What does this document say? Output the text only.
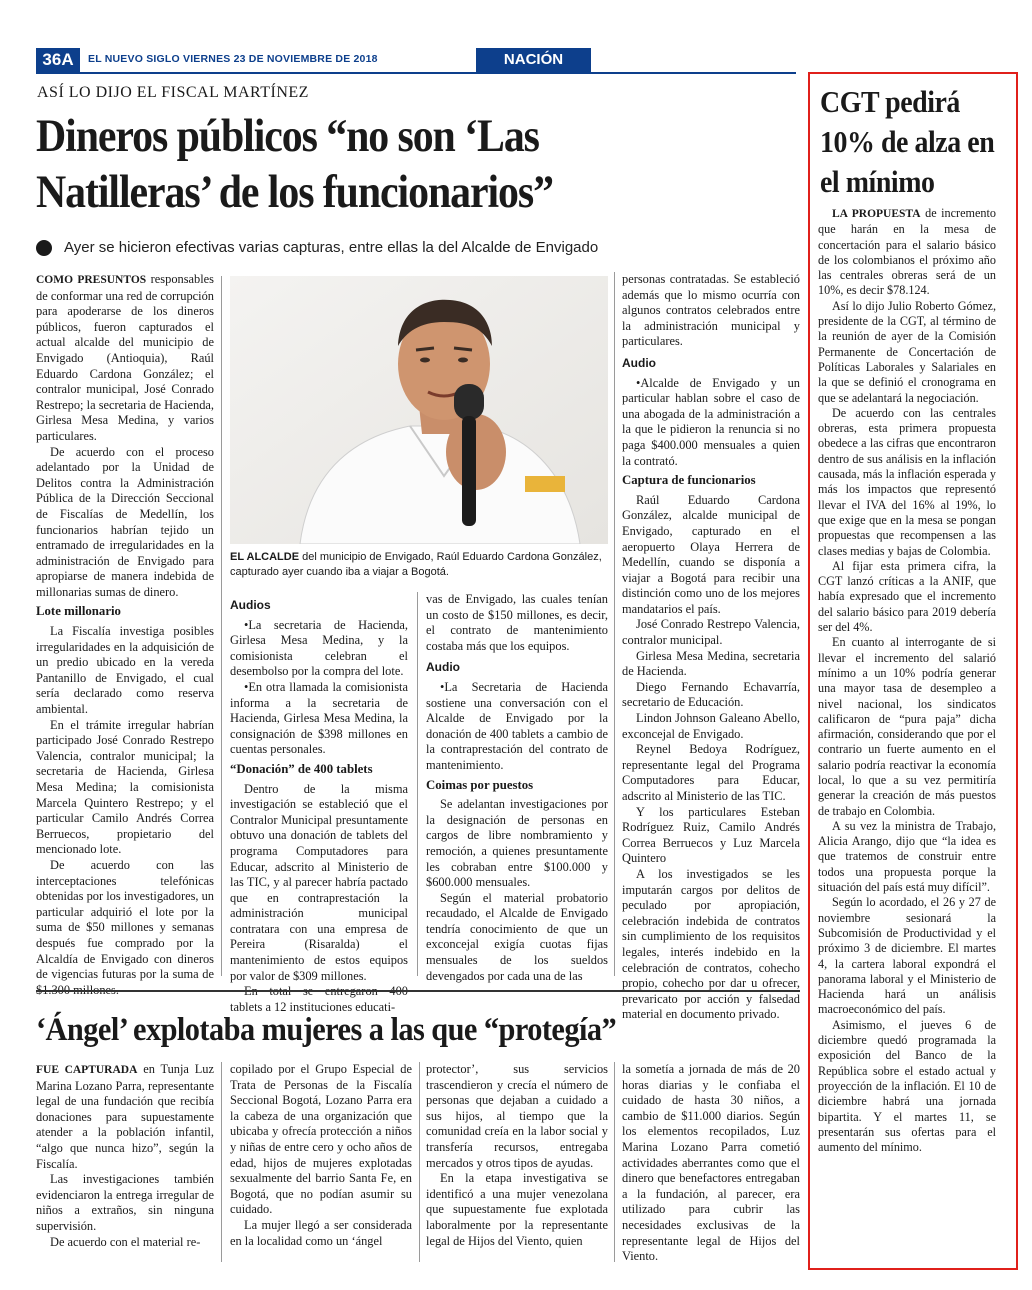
36A	EL NUEVO SIGLO VIERNES 23 DE NOVIEMBRE DE 2018	NACIÓN
ASÍ LO DIJO EL FISCAL MARTÍNEZ
Dineros públicos “no son ‘Las Natilleras’ de los funcionarios”
Ayer se hicieron efectivas varias capturas, entre ellas la del Alcalde de Envigado

COMO PRESUNTOS responsables de conformar una red de corrupción para apoderarse de los dineros públicos, fueron capturados el actual alcalde del municipio de Envigado (Antioquia), Raúl Eduardo Cardona González; el contralor municipal, José Conrado Restrepo; la secretaria de Hacienda, Girlesa Mesa Medina, y varios particulares.

De acuerdo con el proceso adelantado por la Unidad de Delitos contra la Administración Pública de la Dirección Seccional de Fiscalías de Medellín, los funcionarios habrían tejido un entramado de irregularidades en la administración de Envigado para apropiarse de manera indebida de millonarias sumas de dinero.

Lote millonario

La Fiscalía investiga posibles irregularidades en la adquisición de un predio ubicado en la vereda Pantanillo de Envigado, el cual sería declarado como reserva ambiental.

En el trámite irregular habrían participado José Conrado Restrepo Valencia, contralor municipal; la secretaria de Hacienda, Girlesa Mesa Medina; la comisionista Marcela Quintero Restrepo; y el particular Camilo Andrés Correa Berruecos, propietario del mencionado lote.

De acuerdo con las interceptaciones telefónicas obtenidas por los investigadores, un particular adquirió el lote por la suma de $50 millones y semanas después fue comprado por la Alcaldía de Envigado con dineros de vigencias futuras por la suma de

EL ALCALDE del municipio de Envigado, Raúl Eduardo Cardona González, capturado ayer cuando iba a viajar a Bogotá.
Audios

•La secretaria de Hacienda, Girlesa Mesa Medina, y la comisionista celebran el desembolso por la compra del lote.

•En otra llamada la comisionista informa a la secretaria de Hacienda, Girlesa Mesa Medina, la consignación de $398 millones en cuentas personales.

“Donación” de 400 tablets

Dentro de la misma investigación se estableció que el Contralor Municipal presuntamente obtuvo una donación de tablets del programa Computadores para Educar, adscrito al Ministerio de las TIC, y al parecer habría pactado que en contraprestación la administración municipal contratara con una empresa de Pereira (Risaralda) el mantenimiento de estos equipos por valor de $309 millones.

tablets a 12 instituciones educati-

vas de Envigado, las cuales tenían un costo de $150 millones, es decir, el contrato de mantenimiento costaba más que los equipos.

Audio

•La Secretaria de Hacienda sostiene una conversación con el Alcalde de Envigado por la donación de 400 tablets a cambio de la contraprestación del contrato de mantenimiento.

Coimas por puestos

Se adelantan investigaciones por la designación de personas en cargos de libre nombramiento y remoción, a quienes presuntamente les cobraban entre $100.000 y $600.000 mensuales.

Según el material probatorio recaudado, el Alcalde de Envigado tendría conocimiento de que un exconcejal exigía cuotas fijas mensuales de los sueldos devengados por cada una de las

personas contratadas. Se estableció además que lo mismo ocurría con algunos contratos celebrados entre la administración municipal y particulares.

Audio

•Alcalde de Envigado y un particular hablan sobre el caso de una abogada de la administración a la que le pidieron la renuncia si no paga $400.000 mensuales a quien la contrató.

Captura de funcionarios

Raúl Eduardo Cardona González, alcalde municipal de Envigado, capturado en el aeropuerto Olaya Herrera de Medellín, cuando se disponía a viajar a Bogotá para recibir una distinción como uno de los mejores mandatarios el país.

José Conrado Restrepo Valencia, contralor municipal.

Girlesa Mesa Medina, secretaria de Hacienda.

Diego Fernando Echavarría, secretario de Educación.

Lindon Johnson Galeano Abello, exconcejal de Envigado.

Reynel Bedoya Rodríguez, representante legal del Programa Computadores para Educar, adscrito al Ministerio de las TIC.

Y los particulares Esteban Rodríguez Ruiz, Camilo Andrés Correa Berruecos y Luz Marcela Quintero

A los investigados se les imputarán cargos por delitos de peculado por apropiación, celebración indebida de contratos sin cumplimiento de los requisitos legales, interés indebido en la celebración de contratos, cohecho propio, cohecho por dar u ofrecer, prevaricato por acción y falsedad material en documento privado.

‘Ángel’ explotaba mujeres a las que “protegía”

FUE CAPTURADA en Tunja Luz Marina Lozano Parra, representante legal de una fundación que recibía donaciones para supuestamente atender a la población infantil, “algo que nunca hizo”, según la Fiscalía.

Las investigaciones también evidenciaron la entrega irregular de niños a extraños, sin ninguna supervisión.

De acuerdo con el material re-

copilado por el Grupo Especial de Trata de Personas de la Fiscalía Seccional Bogotá, Lozano Parra era la cabeza de una organización que ubicaba y ofrecía protección a niños y niñas de entre cero y ocho años de edad, hijos de mujeres explotadas sexualmente del barrio Santa Fe, en Bogotá, que no podían asumir su cuidado.

La mujer llegó a ser considerada en la localidad como un ‘ángel

protector’, sus servicios trascendieron y crecía el número de personas que dejaban a cuidado a sus hijos, al tiempo que la comunidad creía en la labor social y transfería recursos, entregaba mercados y otros tipos de ayudas.

En la etapa investigativa se identificó a una mujer venezolana que supuestamente fue explotada laboralmente por la representante legal de Hijos del Viento, quien

la sometía a jornada de más de 20 horas diarias y le confiaba el cuidado de hasta 30 niños, a cambio de $11.000 diarios. Según los elementos recopilados, Luz Marina Lozano Parra cometió actividades aberrantes como que el dinero que benefactores entregaban a la fundación, al parecer, era utilizado para cubrir las necesidades exclusivas de la representante legal de Hijos del Viento.

CGT pedirá 10% de alza en el mínimo

LA PROPUESTA de incremento que harán en la mesa de concertación para el salario básico de los colombianos el próximo año las centrales obreras será de un 10%, es decir $78.124.

Así lo dijo Julio Roberto Gómez, presidente de la CGT, al término de la reunión de ayer de la Comisión Permanente de Concertación de Políticas Laborales y Salariales en la que se definió el cronograma en que se adelantará la negociación.

De acuerdo con las centrales obreras, esta primera propuesta obedece a las cifras que encontraron dentro de sus análisis en la inflación causada, más la inflación esperada y más los impactos que representó llevar el IVA del 16% al 19%, lo que exige que en la mesa se pongan propuestas que recompensen a las clases medias y bajas de Colombia.

Al fijar esta primera cifra, la CGT lanzó críticas a la ANIF, que había expresado que el incremento del salario básico para 2019 debería ser del 4%.

En cuanto al interrogante de si llevar el incremento del salarió mínimo a un 10% podría generar una mayor tasa de desempleo a nivel nacional, los sindicatos calificaron de “pura paja” dicha afirmación, considerando que por el contrario un fuerte aumento en el salario podría reactivar la economía local, lo que a su vez permitiría generar la creación de más puestos de trabajo en Colombia.

A su vez la ministra de Trabajo, Alicia Arango, dijo que “la idea es que tratemos de construir entre todos una propuesta porque la situación del país está muy difícil”.

Según lo acordado, el 26 y 27 de noviembre sesionará la Subcomisión de Productividad y el próximo 3 de diciembre. El martes 4, la cartera laboral expondrá el panorama laboral y el Ministerio de Hacienda hará un análisis macroeconómico del país.

Asimismo, el jueves 6 de diciembre quedó programada la exposición del Banco de la República sobre el estado actual y proyección de la inflación. El 10 de diciembre habrá una jornada bipartita. Y el martes 11, se presentarán sus ofertas para el aumento del mínimo.
